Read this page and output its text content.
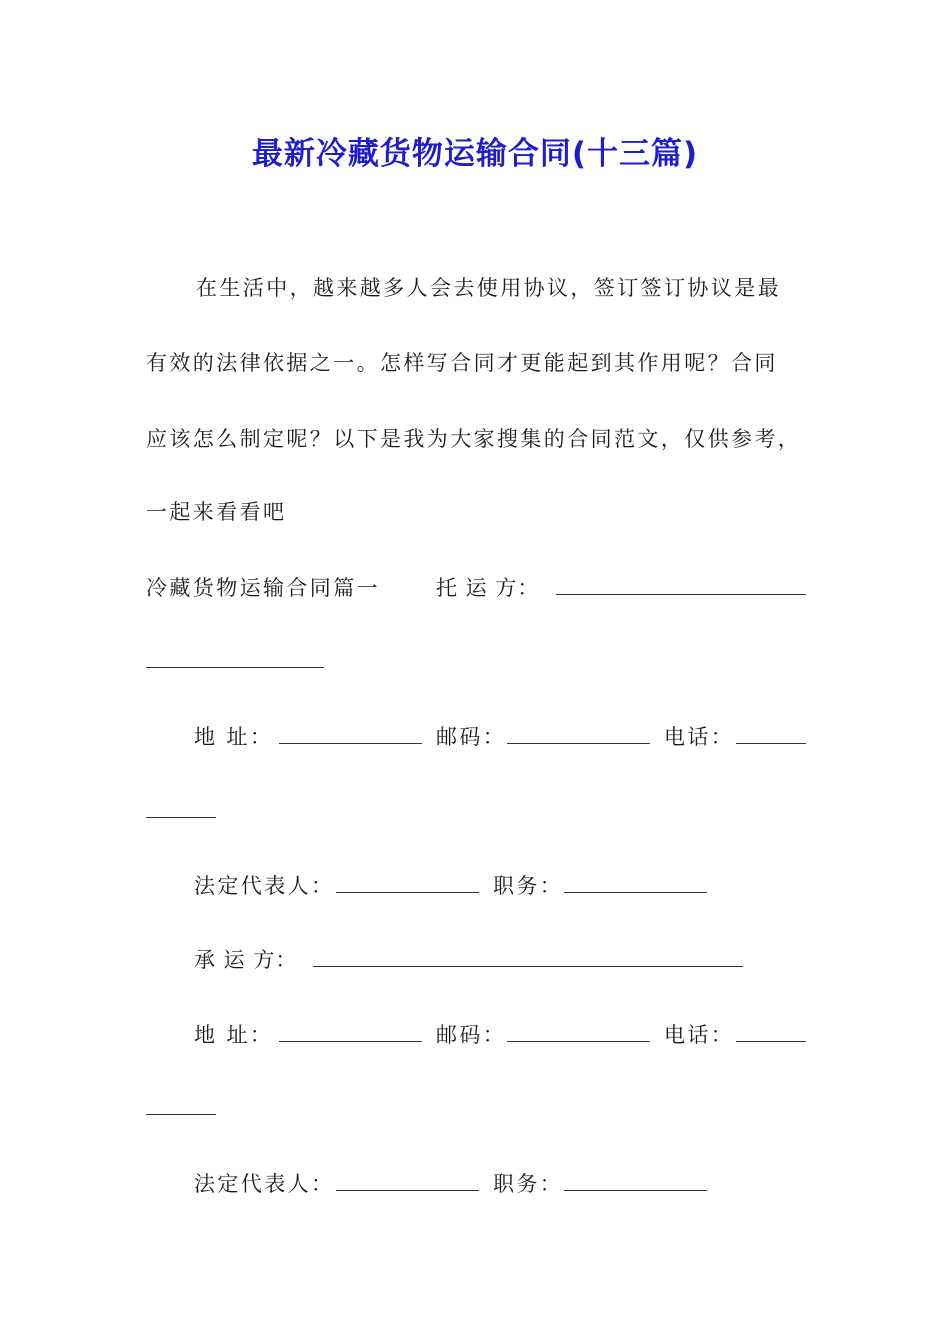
最新冷藏货物运输合同(十三篇)
在生活中，越来越多人会去使用协议，签订签订协议是最
有效的法律依据之一。怎样写合同才更能起到其作用呢？合同
应该怎么制定呢？以下是我为大家搜集的合同范文，仅供参考，
一起来看看吧
冷藏货物运输合同篇一	托 运 方：
地 址：	邮码：	电话：
法定代表人：	职务：
承 运 方：
地 址：	邮码：	电话：
法定代表人：	职务：
